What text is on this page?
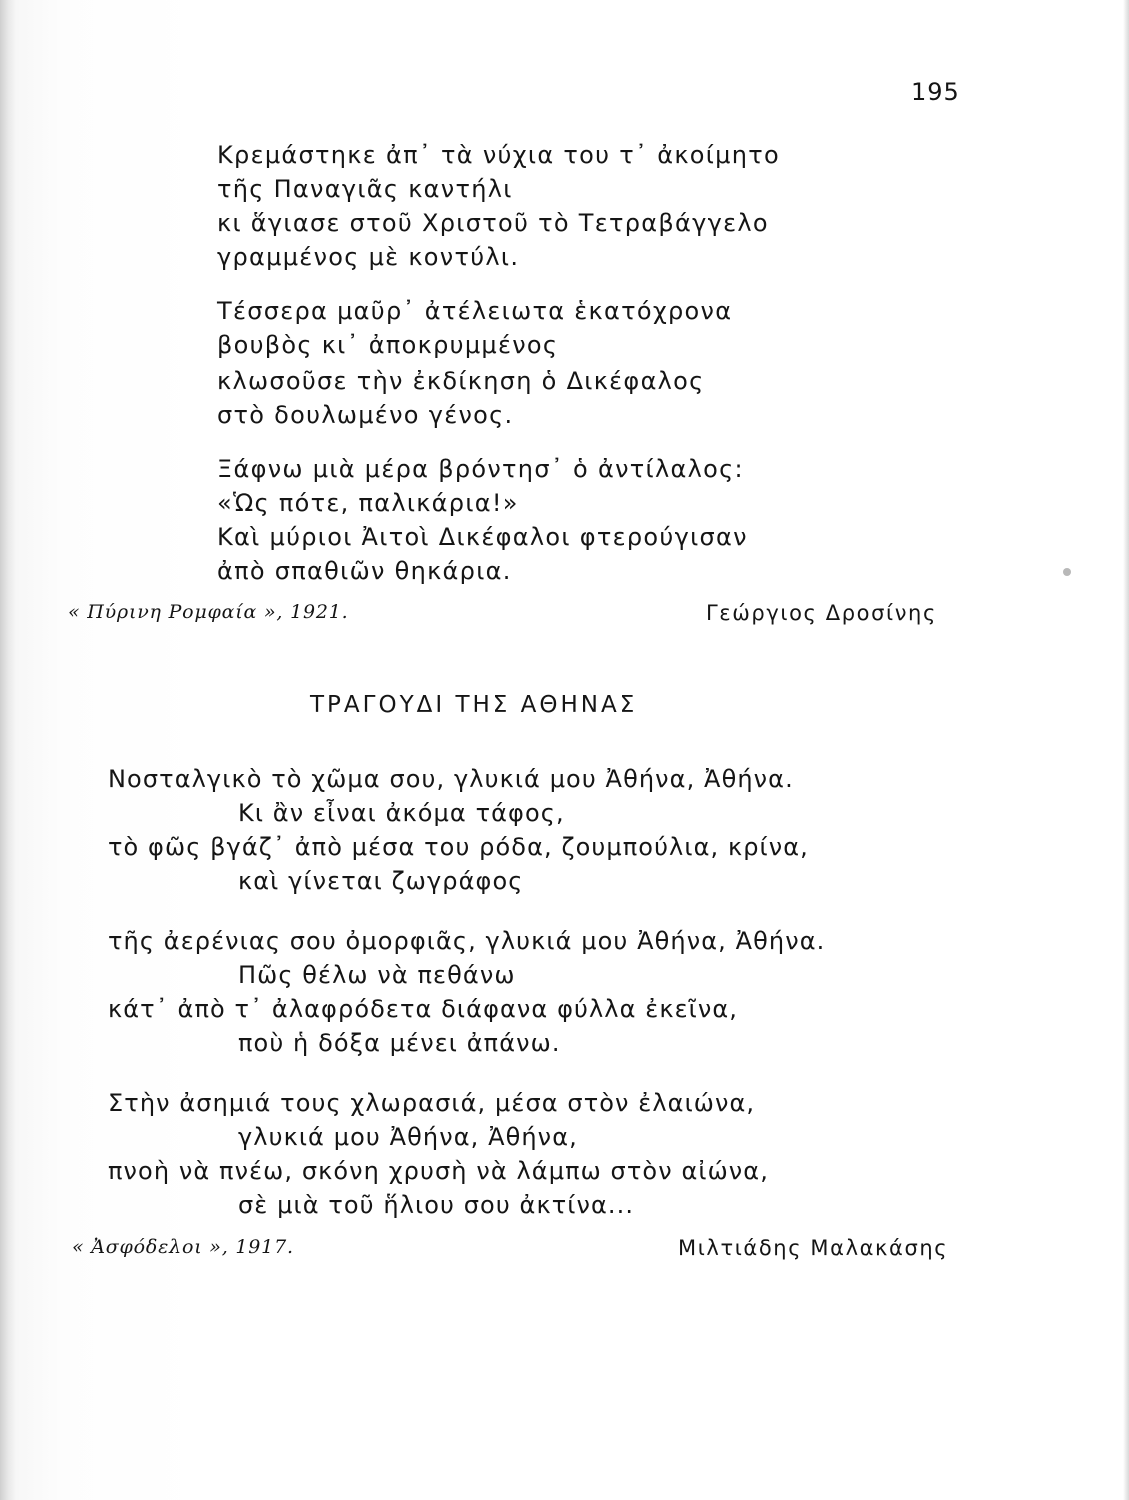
195
Κρεμάστηκε ἀπ᾿ τὰ νύχια του τ᾿ ἀκοίμητο
τῆς Παναγιᾶς καντήλι
κι ἅγιασε στοῦ Χριστοῦ τὸ Τετραβάγγελο
γραμμένος μὲ κοντύλι.
Τέσσερα μαῦρ᾿ ἀτέλειωτα ἑκατόχρονα
βουβὸς κι᾿ ἀποκρυμμένος
κλωσοῦσε τὴν ἐκδίκηση ὁ Δικέφαλος
στὸ δουλωμένο γένος.
Ξάφνω μιὰ μέρα βρόντησ᾿ ὁ ἀντίλαλος:
«Ὡς πότε, παλικάρια!»
Καὶ μύριοι Ἀιτοὶ Δικέφαλοι φτερούγισαν
ἀπὸ σπαθιῶν θηκάρια.
« Πύρινη Ρομφαία », 1921.	Γεώργιος Δροσίνης
ΤΡΑΓΟΥΔΙ ΤΗΣ ΑΘΗΝΑΣ
Νοσταλγικὸ τὸ χῶμα σου, γλυκιά μου Ἀθήνα, Ἀθήνα.
Κι ἂν εἶναι ἀκόμα τάφος,
τὸ φῶς βγάζ᾿ ἀπὸ μέσα του ρόδα, ζουμπούλια, κρίνα,
καὶ γίνεται ζωγράφος
τῆς ἀερένιας σου ὀμορφιᾶς, γλυκιά μου Ἀθήνα, Ἀθήνα.
Πῶς θέλω νὰ πεθάνω
κάτ᾿ ἀπὸ τ᾿ ἀλαφρόδετα διάφανα φύλλα ἐκεῖνα,
ποὺ ἡ δόξα μένει ἀπάνω.
Στὴν ἀσημιά τους χλωρασιά, μέσα στὸν ἐλαιώνα,
γλυκιά μου Ἀθήνα, Ἀθήνα,
πνοὴ νὰ πνέω, σκόνη χρυσὴ νὰ λάμπω στὸν αἰώνα,
σὲ μιὰ τοῦ ἥλιου σου ἀκτίνα...
« Ἀσφόδελοι », 1917.	Μιλτιάδης Μαλακάσης
